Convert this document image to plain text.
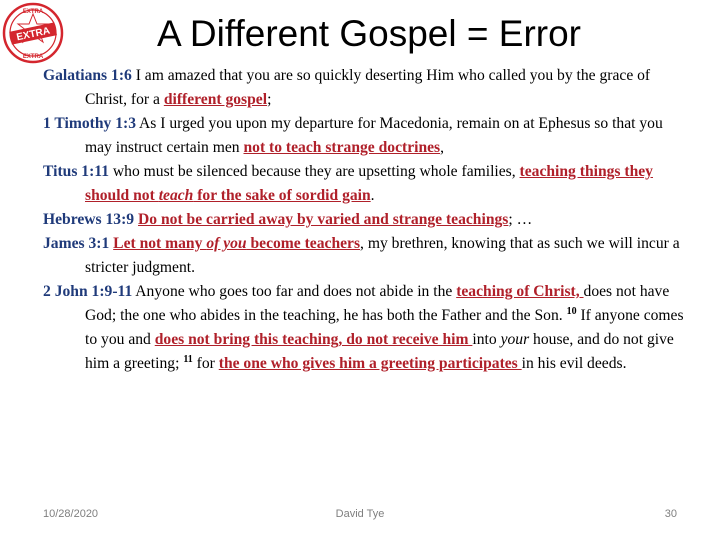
EXTRA
EXTRA
EXTRA
A Different Gospel = Error

Galatians 1:6 I am amazed that you are so quickly deserting Him who called you by the grace of Christ, for a different gospel;

1 Timothy 1:3 As I urged you upon my departure for Macedonia, remain on at Ephesus so that you may instruct certain men not to teach strange doctrines,

Titus 1:11 who must be silenced because they are upsetting whole families, teaching things they should not teach for the sake of sordid gain.

Hebrews 13:9 Do not be carried away by varied and strange teachings; …

James 3:1 Let not many of you become teachers, my brethren, knowing that as such we will incur a stricter judgment.

2 John 1:9-11 Anyone who goes too far and does not abide in the teaching of Christ, does not have God; the one who abides in the teaching, he has both the Father and the Son. $^{10}$ If anyone comes to you and does not bring this teaching, do not receive him into your house, and do not give him a greeting; $^{11}$ for the one who gives him a greeting participates in his evil deeds.

10/28/2020	David Tye	30
